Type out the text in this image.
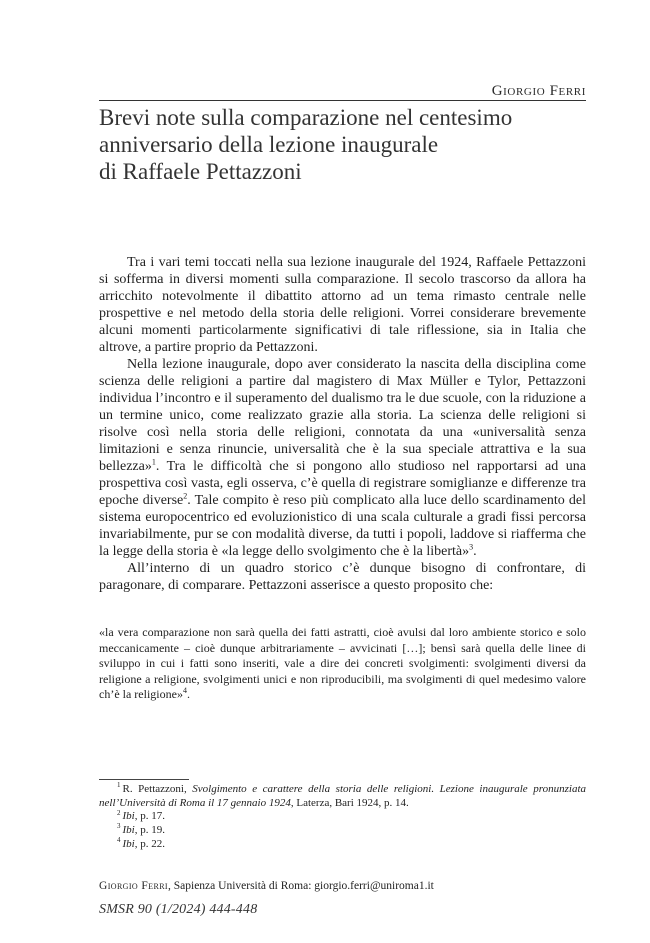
Giorgio Ferri
Brevi note sulla comparazione nel centesimo
anniversario della lezione inaugurale
di Raffaele Pettazzoni

Tra i vari temi toccati nella sua lezione inaugurale del 1924, Raffaele Pettazzoni si sofferma in diversi momenti sulla comparazione. Il secolo trascorso da allora ha arricchito notevolmente il dibattito attorno ad un tema rimasto centrale nelle prospettive e nel metodo della storia delle religioni. Vorrei considerare brevemente alcuni momenti particolarmente significativi di tale riflessione, sia in Italia che altrove, a partire proprio da Pettazzoni.

Nella lezione inaugurale, dopo aver considerato la nascita della disciplina come scienza delle religioni a partire dal magistero di Max Müller e Tylor, Pettazzoni individua l’incontro e il superamento del dualismo tra le due scuole, con la riduzione a un termine unico, come realizzato grazie alla storia. La scienza delle religioni si risolve così nella storia delle religioni, connotata da una «universalità senza limitazioni e senza rinuncie, universalità che è la sua speciale attrattiva e la sua bellezza»$^1$. Tra le difficoltà che si pongono allo studioso nel rapportarsi ad una prospettiva così vasta, egli osserva, c’è quella di registrare somiglianze e differenze tra epoche diverse$^2$. Tale compito è reso più complicato alla luce dello scardinamento del sistema europocentrico ed evoluzionistico di una scala culturale a gradi fissi percorsa invariabilmente, pur se con modalità diverse, da tutti i popoli, laddove si riafferma che la legge della storia è «la legge dello svolgimento che è la libertà»$^3$.

All’interno di un quadro storico c’è dunque bisogno di confrontare, di paragonare, di comparare. Pettazzoni asserisce a questo proposito che:

«la vera comparazione non sarà quella dei fatti astratti, cioè avulsi dal loro ambiente storico e solo meccanicamente – cioè dunque arbitrariamente – avvicinati […]; bensì sarà quella delle linee di sviluppo in cui i fatti sono inseriti, vale a dire dei concreti svolgimenti: svolgimenti diversi da religione a religione, svolgimenti unici e non riproducibili, ma svolgimenti di quel medesimo valore ch’è la religione»$^4$.

$^1$ R. Pettazzoni, Svolgimento e carattere della storia delle religioni. Lezione inaugurale pronunziata nell’Università di Roma il 17 gennaio 1924, Laterza, Bari 1924, p. 14.

$^2$ Ibi, p. 17.

$^3$ Ibi, p. 19.

$^4$ Ibi, p. 22.

Giorgio Ferri, Sapienza Università di Roma: giorgio.ferri@uniroma1.it
SMSR 90 (1/2024) 444-448
